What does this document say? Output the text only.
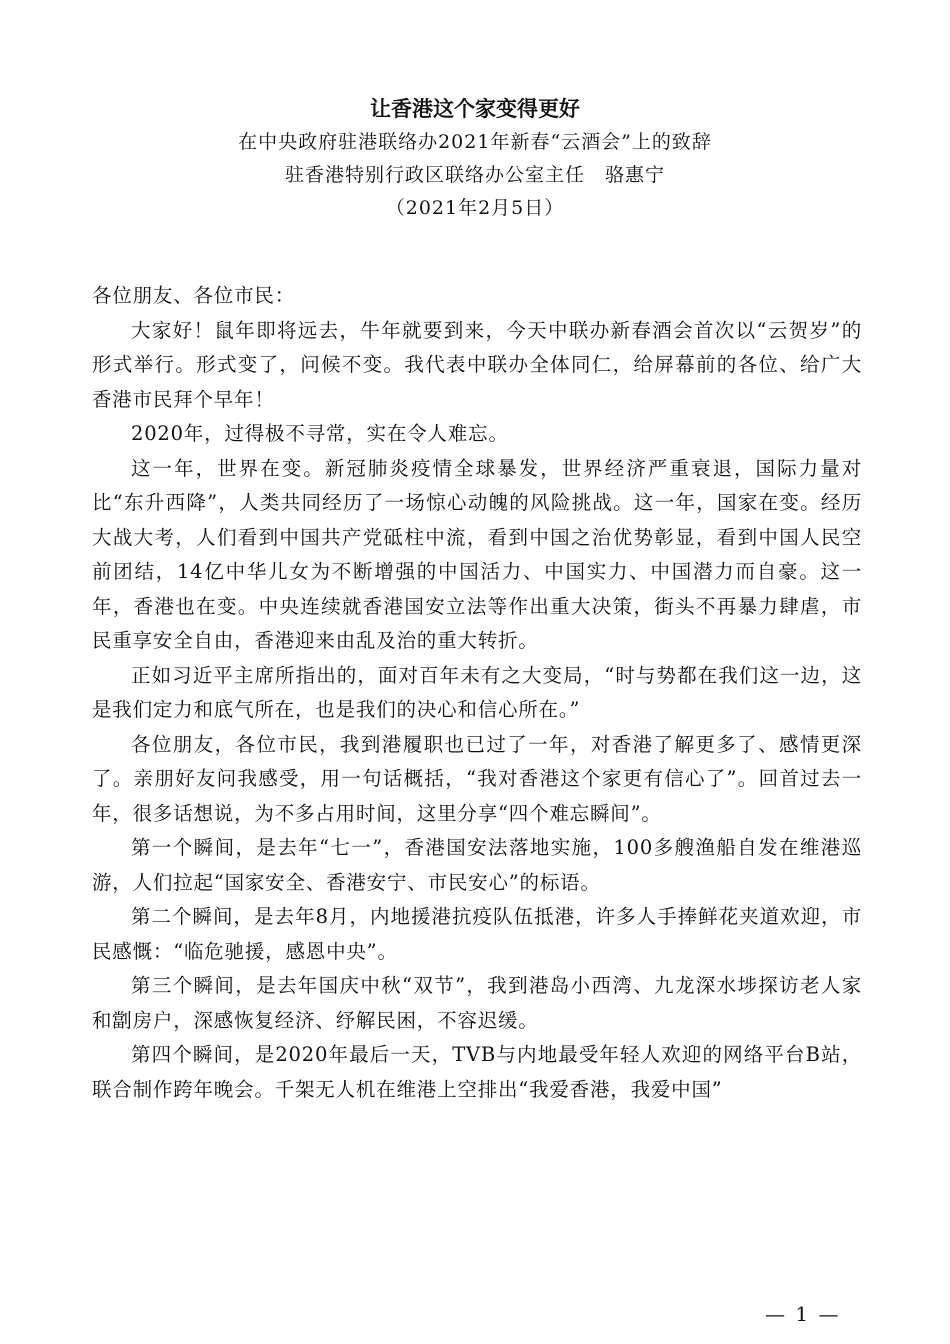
让香港这个家变得更好
在中央政府驻港联络办2021年新春“云酒会”上的致辞
驻香港特别行政区联络办公室主任　骆惠宁
（2021年2月5日）

各位朋友、各位市民：

大家好！鼠年即将远去，牛年就要到来，今天中联办新春酒会首次以“云贺岁”的形式举行。形式变了，问候不变。我代表中联办全体同仁，给屏幕前的各位、给广大香港市民拜个早年！

2020年，过得极不寻常，实在令人难忘。

这一年，世界在变。新冠肺炎疫情全球暴发，世界经济严重衰退，国际力量对比“东升西降”，人类共同经历了一场惊心动魄的风险挑战。这一年，国家在变。经历大战大考，人们看到中国共产党砥柱中流，看到中国之治优势彰显，看到中国人民空前团结，14亿中华儿女为不断增强的中国活力、中国实力、中国潜力而自豪。这一年，香港也在变。中央连续就香港国安立法等作出重大决策，街头不再暴力肆虐，市民重享安全自由，香港迎来由乱及治的重大转折。

正如习近平主席所指出的，面对百年未有之大变局，“时与势都在我们这一边，这是我们定力和底气所在，也是我们的决心和信心所在。”

各位朋友，各位市民，我到港履职也已过了一年，对香港了解更多了、感情更深了。亲朋好友问我感受，用一句话概括，“我对香港这个家更有信心了”。回首过去一年，很多话想说，为不多占用时间，这里分享“四个难忘瞬间”。

第一个瞬间，是去年“七一”，香港国安法落地实施，100多艘渔船自发在维港巡游，人们拉起“国家安全、香港安宁、市民安心”的标语。

第二个瞬间，是去年8月，内地援港抗疫队伍抵港，许多人手捧鲜花夹道欢迎，市民感慨：“临危驰援，感恩中央”。

第三个瞬间，是去年国庆中秋“双节”，我到港岛小西湾、九龙深水埗探访老人家和劏房户，深感恢复经济、纾解民困，不容迟缓。

第四个瞬间，是2020年最后一天，TVB与内地最受年轻人欢迎的网络平台B站，联合制作跨年晚会。千架无人机在维港上空排出“我爱香港，我爱中国”

— 1 —
